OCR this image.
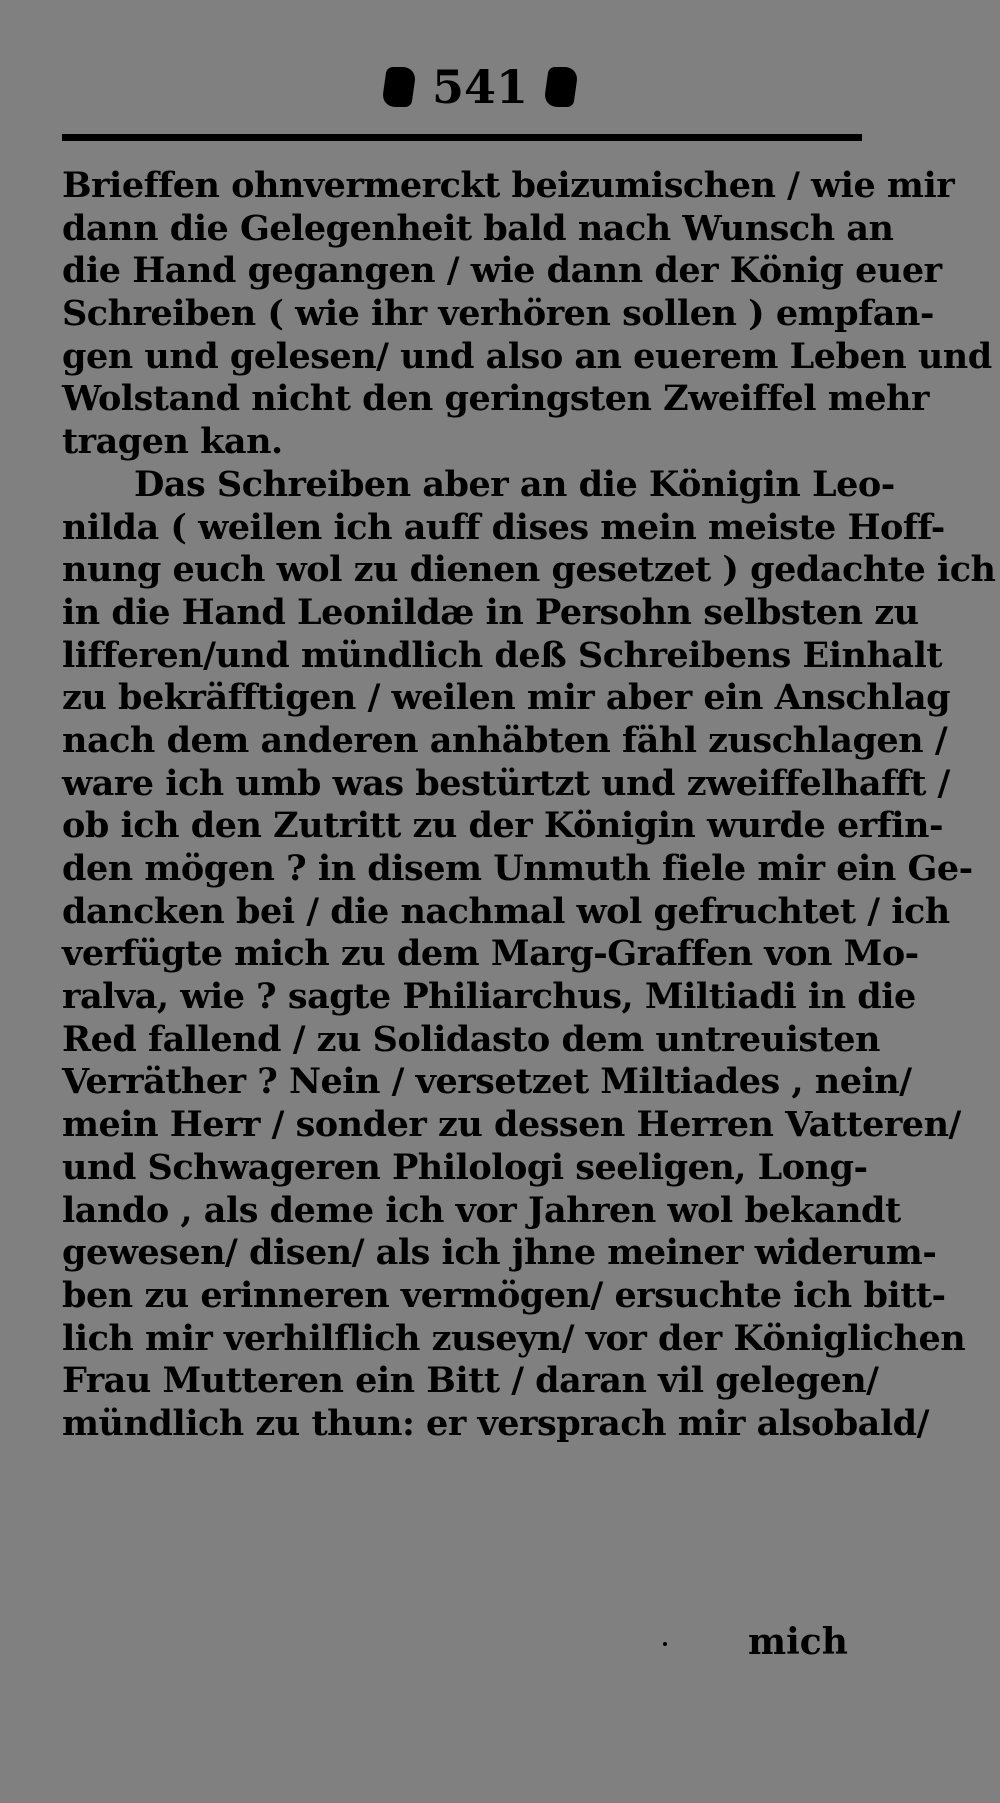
541
Brieffen ohnvermerckt beizumischen / wie mir
dann die Gelegenheit bald nach Wunsch an
die Hand gegangen / wie dann der König euer
Schreiben ( wie ihr verhören sollen ) empfan-
gen und gelesen/ und also an euerem Leben und
Wolstand nicht den geringsten Zweiffel mehr
tragen kan.
Das Schreiben aber an die Königin Leo-
nilda ( weilen ich auff dises mein meiste Hoff-
nung euch wol zu dienen gesetzet ) gedachte ich
in die Hand Leonildæ in Persohn selbsten zu
lifferen/und mündlich deß Schreibens Einhalt
zu bekräfftigen / weilen mir aber ein Anschlag
nach dem anderen anhäbten fähl zuschlagen /
ware ich umb was bestürtzt und zweiffelhafft /
ob ich den Zutritt zu der Königin wurde erfin-
den mögen ? in disem Unmuth fiele mir ein Ge-
dancken bei / die nachmal wol gefruchtet / ich
verfügte mich zu dem Marg-Graffen von Mo-
ralva, wie ? sagte Philiarchus, Miltiadi in die
Red fallend / zu Solidasto dem untreuisten
Verräther ? Nein / versetzet Miltiades , nein/
mein Herr / sonder zu dessen Herren Vatteren/
und Schwageren Philologi seeligen, Long-
lando , als deme ich vor Jahren wol bekandt
gewesen/ disen/ als ich jhne meiner widerum-
ben zu erinneren vermögen/ ersuchte ich bitt-
lich mir verhilflich zuseyn/ vor der Königlichen
Frau Mutteren ein Bitt / daran vil gelegen/
mündlich zu thun: er versprach mir alsobald/
mich
